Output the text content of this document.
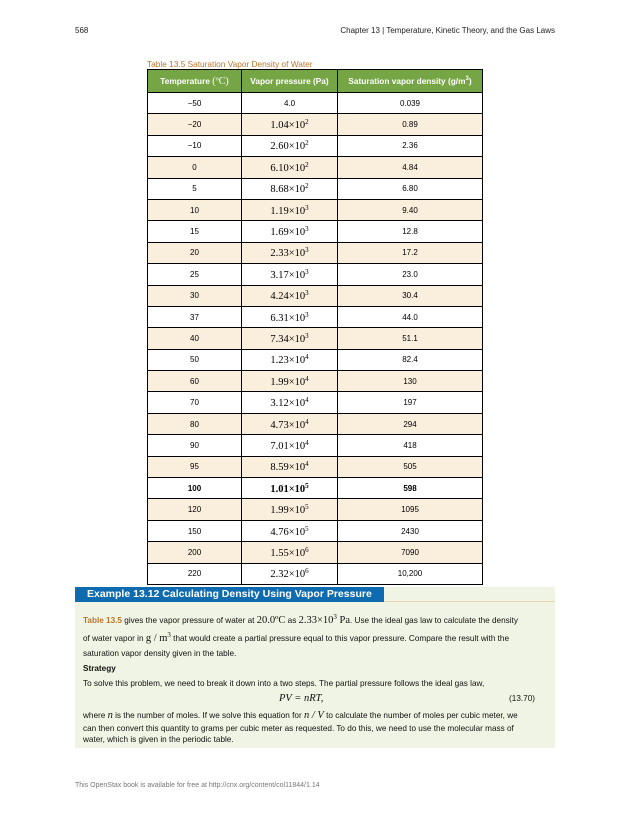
568	Chapter 13 | Temperature, Kinetic Theory, and the Gas Laws
Table 13.5 Saturation Vapor Density of Water
Temperature (ºC)	Vapor pressure (Pa)	Saturation vapor density $(g/m^3)$
−50	4.0	0.039
−20	$1.04\times 10^2$	0.89
−10	$2.60\times 10^2$	2.36
0	$6.10\times 10^2$	4.84
5	$8.68\times 10^2$	6.80
10	$1.19\times 10^3$	9.40
15	$1.69\times 10^3$	12.8
20	$2.33\times 10^3$	17.2
25	$3.17\times 10^3$	23.0
30	$4.24\times 10^3$	30.4
37	$6.31\times 10^3$	44.0
40	$7.34\times 10^3$	51.1
50	$1.23\times 10^4$	82.4
60	$1.99\times 10^4$	130
70	$3.12\times 10^4$	197
80	$4.73\times 10^4$	294
90	$7.01\times 10^4$	418
95	$8.59\times 10^4$	505
100	$1.01\times 10^5$	598
120	$1.99\times 10^5$	1095
150	$4.76\times 10^5$	2430
200	$1.55\times 10^6$	7090
220	$2.32\times 10^6$	10,200
Example 13.12 Calculating Density Using Vapor Pressure

Table 13.5 gives the vapor pressure of water at 20.0ºC as $2.33\times 10^3$ Pa. Use the ideal gas law to calculate the density

of water vapor in g / $m^3$ that would create a partial pressure equal to this vapor pressure. Compare the result with the

saturation vapor density given in the table.

Strategy

To solve this problem, we need to break it down into a two steps. The partial pressure follows the ideal gas law,

PV = nRT,	(13.70)

where n is the number of moles. If we solve this equation for n / V to calculate the number of moles per cubic meter, we

can then convert this quantity to grams per cubic meter as requested. To do this, we need to use the molecular mass of

water, which is given in the periodic table.

This OpenStax book is available for free at http://cnx.org/content/col11844/1.14
